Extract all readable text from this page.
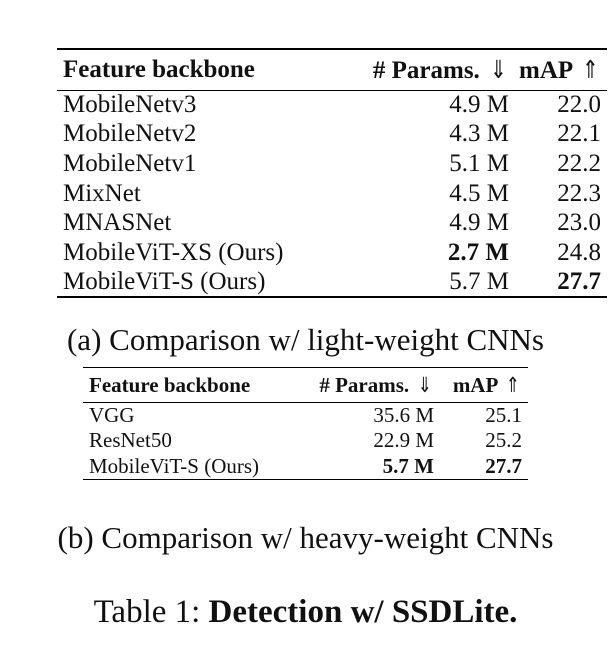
Feature backbone	# Params. ⇓	mAP ⇑
MobileNetv3	4.9 M	22.0
MobileNetv2	4.3 M	22.1
MobileNetv1	5.1 M	22.2
MixNet	4.5 M	22.3
MNASNet	4.9 M	23.0
MobileViT-XS (Ours)	2.7 M	24.8
MobileViT-S (Ours)	5.7 M	27.7
(a) Comparison w/ light-weight CNNs
Feature backbone	# Params. ⇓	mAP ⇑
VGG	35.6 M	25.1
ResNet50	22.9 M	25.2
MobileViT-S (Ours)	5.7 M	27.7
(b) Comparison w/ heavy-weight CNNs
Table 1: Detection w/ SSDLite.
